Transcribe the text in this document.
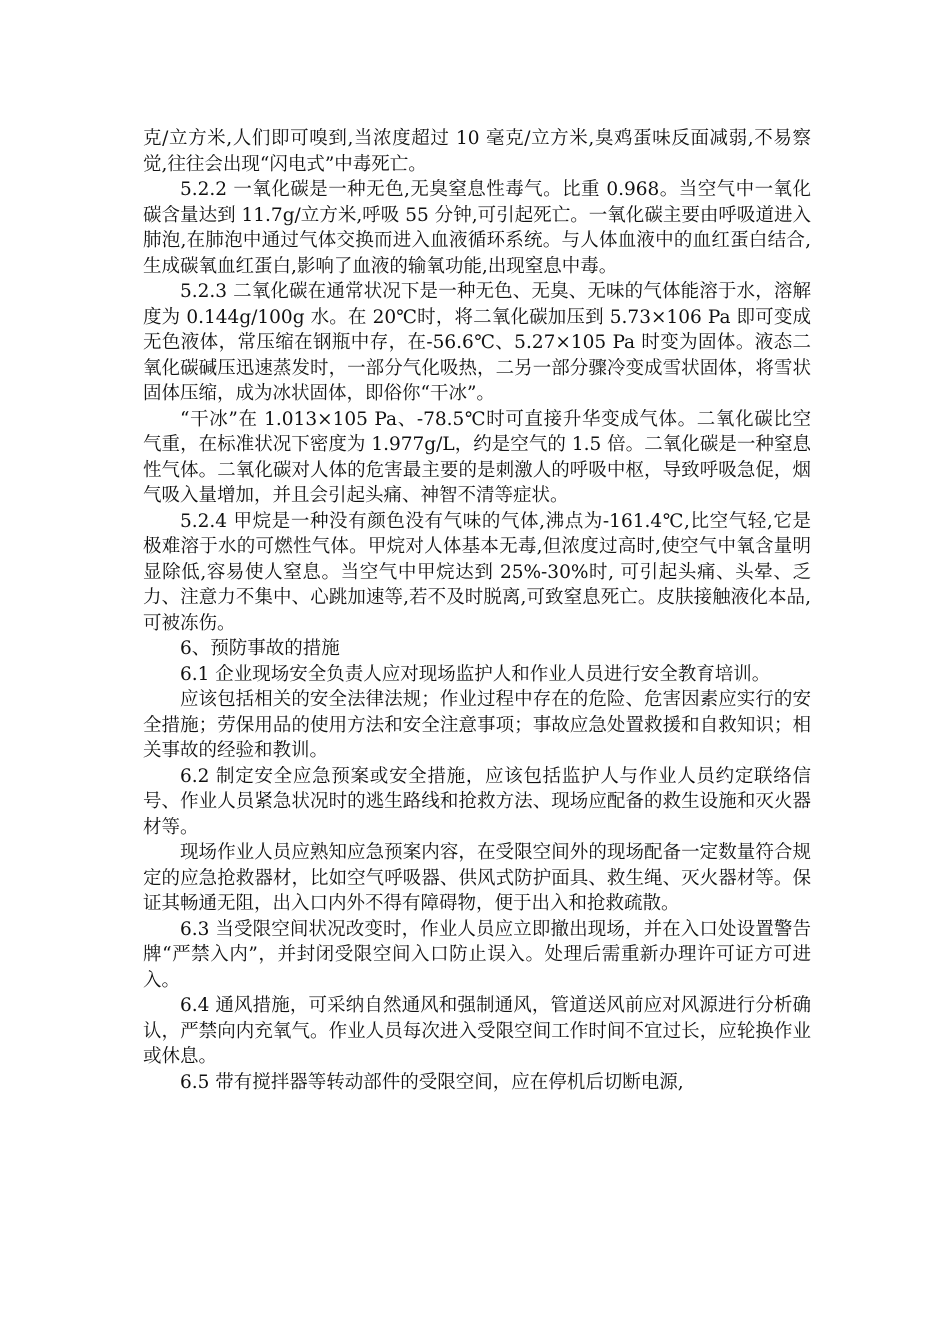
克/立方米,人们即可嗅到,当浓度超过 10 毫克/立方米,臭鸡蛋味反面减弱,不易察觉,往往会出现“闪电式”中毒死亡。

5.2.2 一氧化碳是一种无色,无臭窒息性毒气。比重 0.968。当空气中一氧化碳含量达到 11.7g/立方米,呼吸 55 分钟,可引起死亡。一氧化碳主要由呼吸道进入肺泡,在肺泡中通过气体交换而进入血液循环系统。与人体血液中的血红蛋白结合,生成碳氧血红蛋白,影响了血液的输氧功能,出现窒息中毒。

5.2.3 二氧化碳在通常状况下是一种无色、无臭、无味的气体能溶于水，溶解度为 0.144g/100g 水。在 20℃时，将二氧化碳加压到 5.73×106 Pa 即可变成无色液体，常压缩在钢瓶中存，在-56.6℃、5.27×105 Pa 时变为固体。液态二氧化碳碱压迅速蒸发时，一部分气化吸热，二另一部分骤冷变成雪状固体，将雪状固体压缩，成为冰状固体，即俗你“干冰”。

“干冰”在 1.013×105 Pa、-78.5℃时可直接升华变成气体。二氧化碳比空气重，在标准状况下密度为 1.977g/L，约是空气的 1.5 倍。二氧化碳是一种窒息性气体。二氧化碳对人体的危害最主要的是刺激人的呼吸中枢，导致呼吸急促，烟气吸入量增加，并且会引起头痛、神智不清等症状。

5.2.4 甲烷是一种没有颜色没有气味的气体,沸点为-161.4℃,比空气轻,它是极难溶于水的可燃性气体。甲烷对人体基本无毒,但浓度过高时,使空气中氧含量明显除低,容易使人窒息。当空气中甲烷达到 25%-30%时, 可引起头痛、头晕、乏力、注意力不集中、心跳加速等,若不及时脱离,可致窒息死亡。皮肤接触液化本品,可被冻伤。

6、预防事故的措施

6.1 企业现场安全负责人应对现场监护人和作业人员进行安全教育培训。

应该包括相关的安全法律法规；作业过程中存在的危险、危害因素应实行的安全措施；劳保用品的使用方法和安全注意事项；事故应急处置救援和自救知识；相关事故的经验和教训。

6.2 制定安全应急预案或安全措施，应该包括监护人与作业人员约定联络信号、作业人员紧急状况时的逃生路线和抢救方法、现场应配备的救生设施和灭火器材等。

现场作业人员应熟知应急预案内容，在受限空间外的现场配备一定数量符合规定的应急抢救器材，比如空气呼吸器、供风式防护面具、救生绳、灭火器材等。保证其畅通无阻，出入口内外不得有障碍物，便于出入和抢救疏散。

6.3 当受限空间状况改变时，作业人员应立即撤出现场，并在入口处设置警告牌“严禁入内”，并封闭受限空间入口防止误入。处理后需重新办理许可证方可进入。

6.4 通风措施，可采纳自然通风和强制通风，管道送风前应对风源进行分析确认，严禁向内充氧气。作业人员每次进入受限空间工作时间不宜过长，应轮换作业或休息。

6.5 带有搅拌器等转动部件的受限空间，应在停机后切断电源,
